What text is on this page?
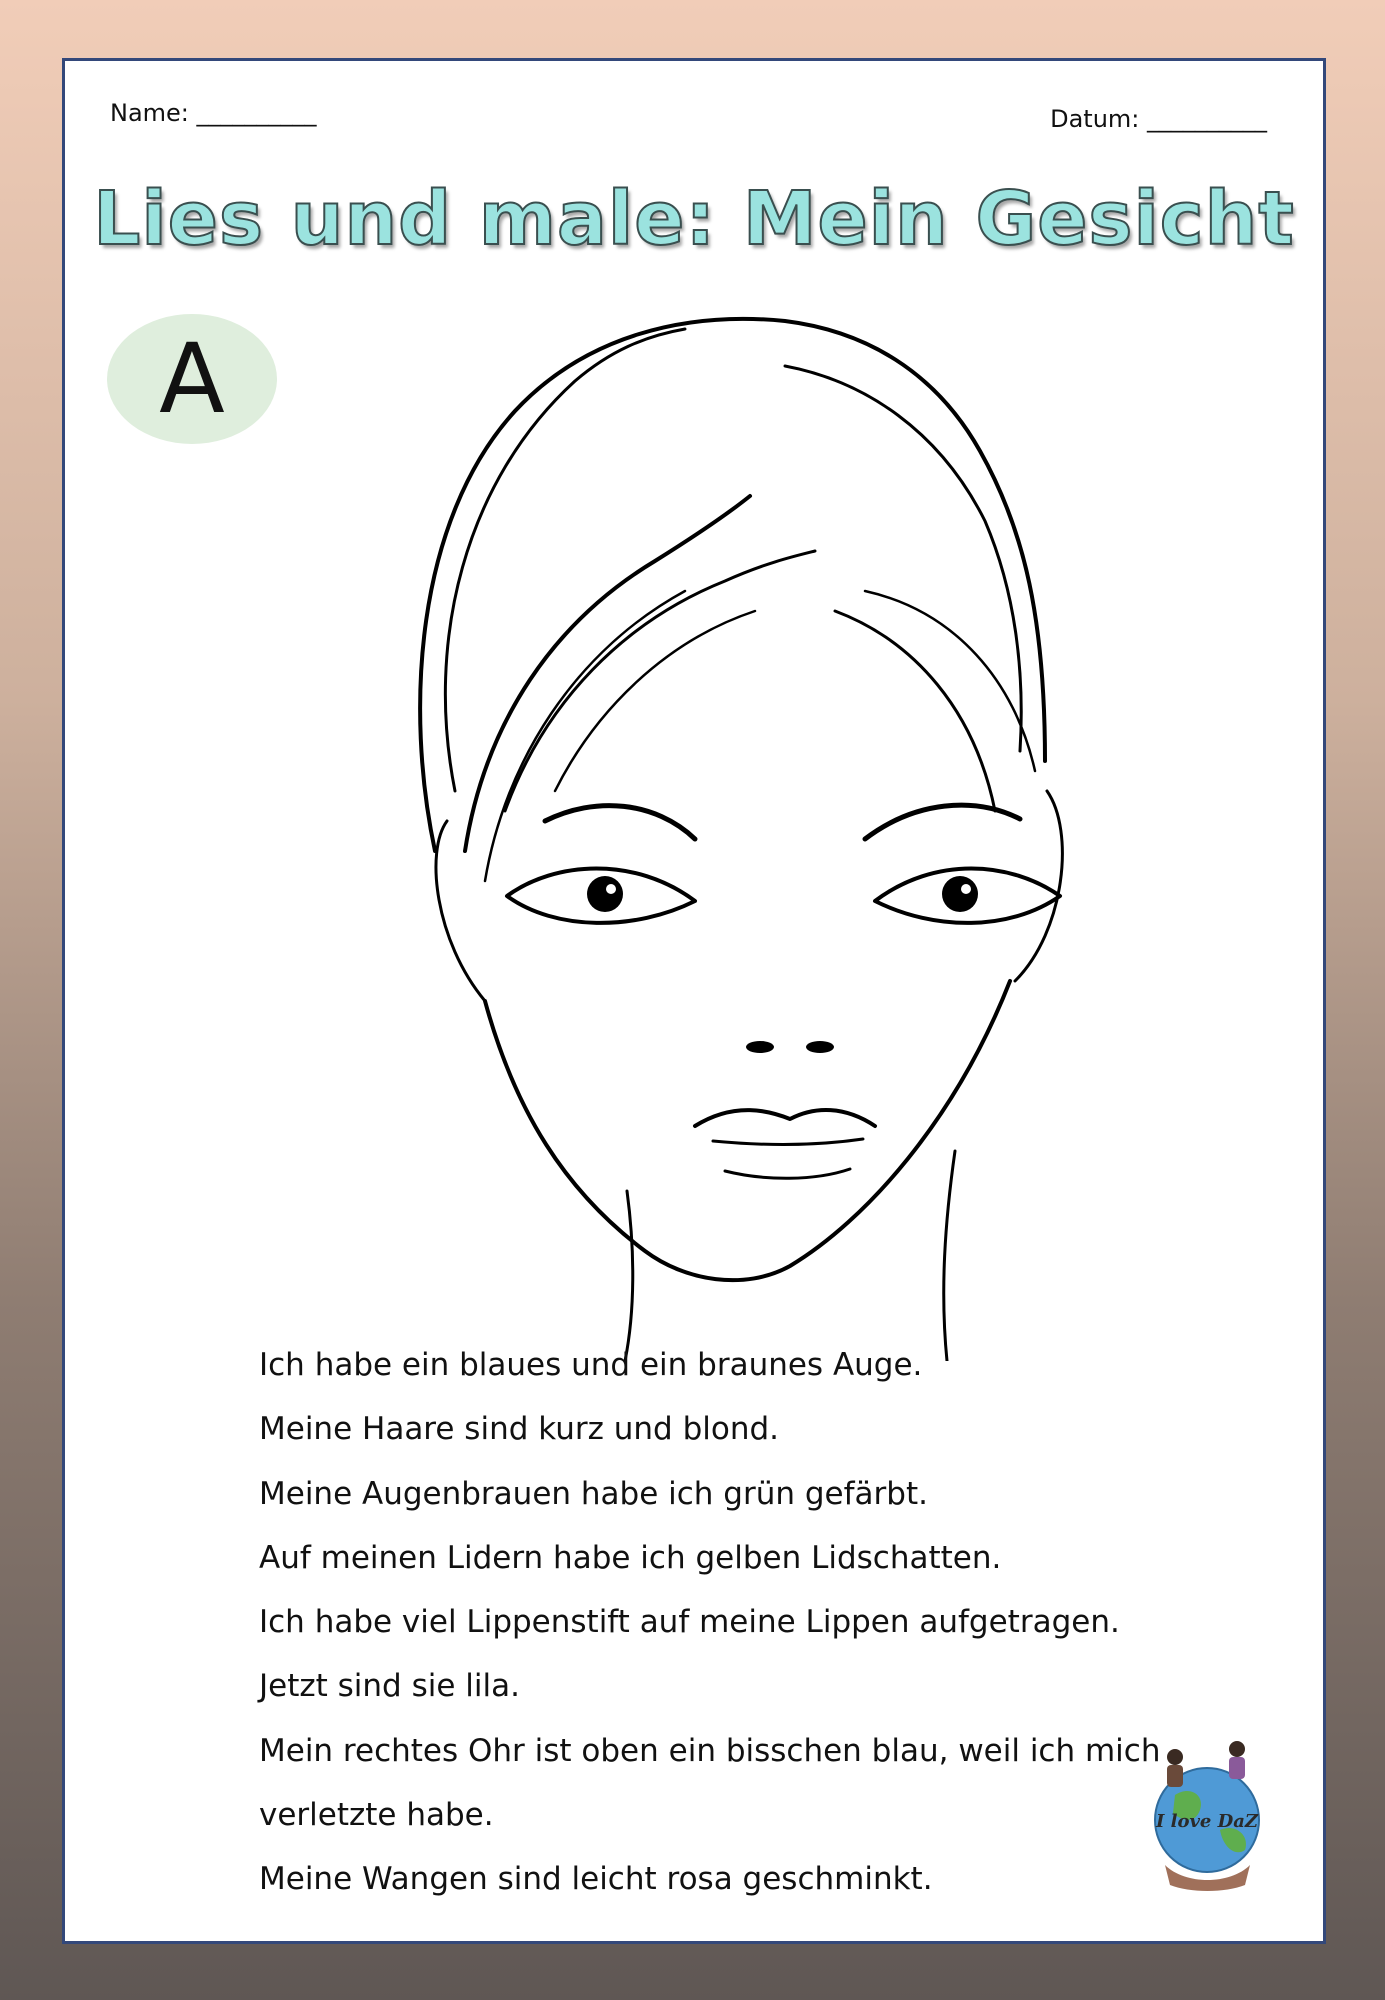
Name: __________	Datum: __________
Lies und male: Mein Gesicht
A
Ich habe ein blaues und ein braunes Auge.
Meine Haare sind kurz und blond.
Meine Augenbrauen habe ich grün gefärbt.
Auf meinen Lidern habe ich gelben Lidschatten.
Ich habe viel Lippenstift auf meine Lippen aufgetragen.
Jetzt sind sie lila.
Mein rechtes Ohr ist oben ein bisschen blau, weil ich mich
verletzte habe.
Meine Wangen sind leicht rosa geschminkt.
I love DaZ
